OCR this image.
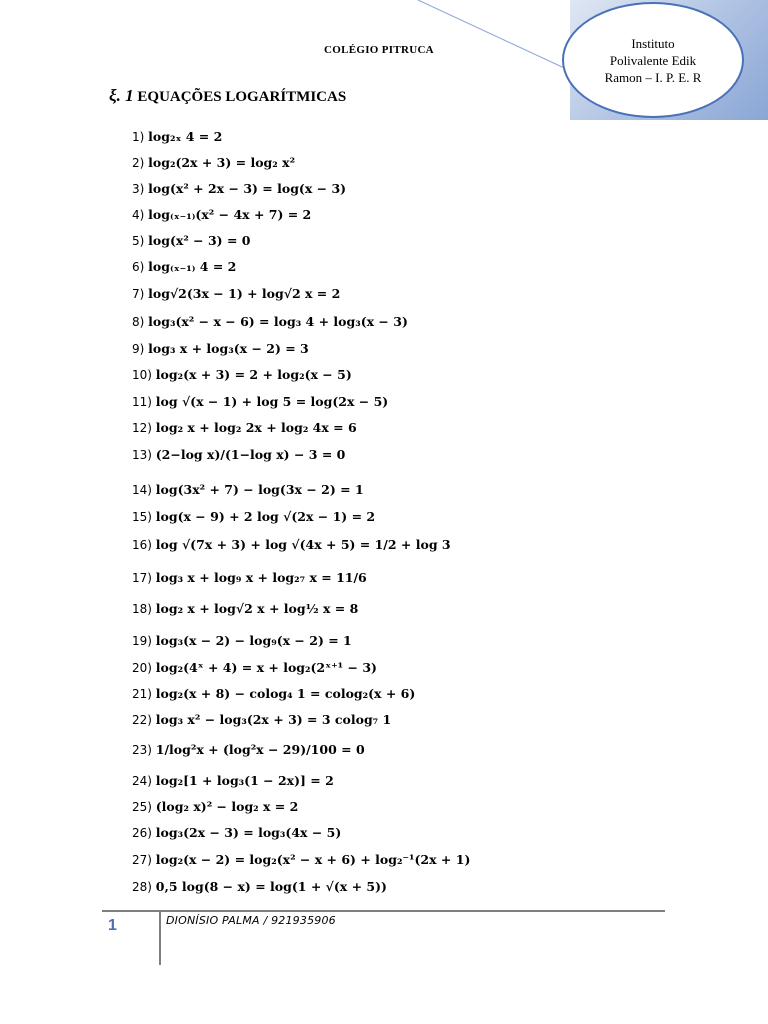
COLÉGIO PITRUCA	Instituto
Polivalente Edik
Ramon – I. P. E. R
ξ. 1 EQUAÇÕES LOGARÍTMICAS
1) log₂ₓ 4 = 2
2) log₂(2x + 3) = log₂ x²
3) log(x² + 2x − 3) = log(x − 3)
4) log₍ₓ₋₁₎(x² − 4x + 7) = 2
5) log(x² − 3) = 0
6) log₍ₓ₋₁₎ 4 = 2
7) log√2(3x − 1) + log√2 x = 2
8) log₃(x² − x − 6) = log₃ 4 + log₃(x − 3)
9) log₃ x + log₃(x − 2) = 3
10) log₂(x + 3) = 2 + log₂(x − 5)
11) log √(x − 1) + log 5 = log(2x − 5)
12) log₂ x + log₂ 2x + log₂ 4x = 6
13) (2−log x)/(1−log x) − 3 = 0
14) log(3x² + 7) − log(3x − 2) = 1
15) log(x − 9) + 2 log √(2x − 1) = 2
16) log √(7x + 3) + log √(4x + 5) = 1/2 + log 3
17) log₃ x + log₉ x + log₂₇ x = 11/6
18) log₂ x + log√2 x + log½ x = 8
19) log₃(x − 2) − log₉(x − 2) = 1
20) log₂(4ˣ + 4) = x + log₂(2ˣ⁺¹ − 3)
21) log₂(x + 8) − colog₄ 1 = colog₂(x + 6)
22) log₃ x² − log₃(2x + 3) = 3 colog₇ 1
23) 1/log²x + (log²x − 29)/100 = 0
24) log₂[1 + log₃(1 − 2x)] = 2
25) (log₂ x)² − log₂ x = 2
26) log₃(2x − 3) = log₃(4x − 5)
27) log₂(x − 2) = log₂(x² − x + 6) + log₂⁻¹(2x + 1)
28) 0,5 log(8 − x) = log(1 + √(x + 5))
1	DIONÍSIO PALMA / 921935906
